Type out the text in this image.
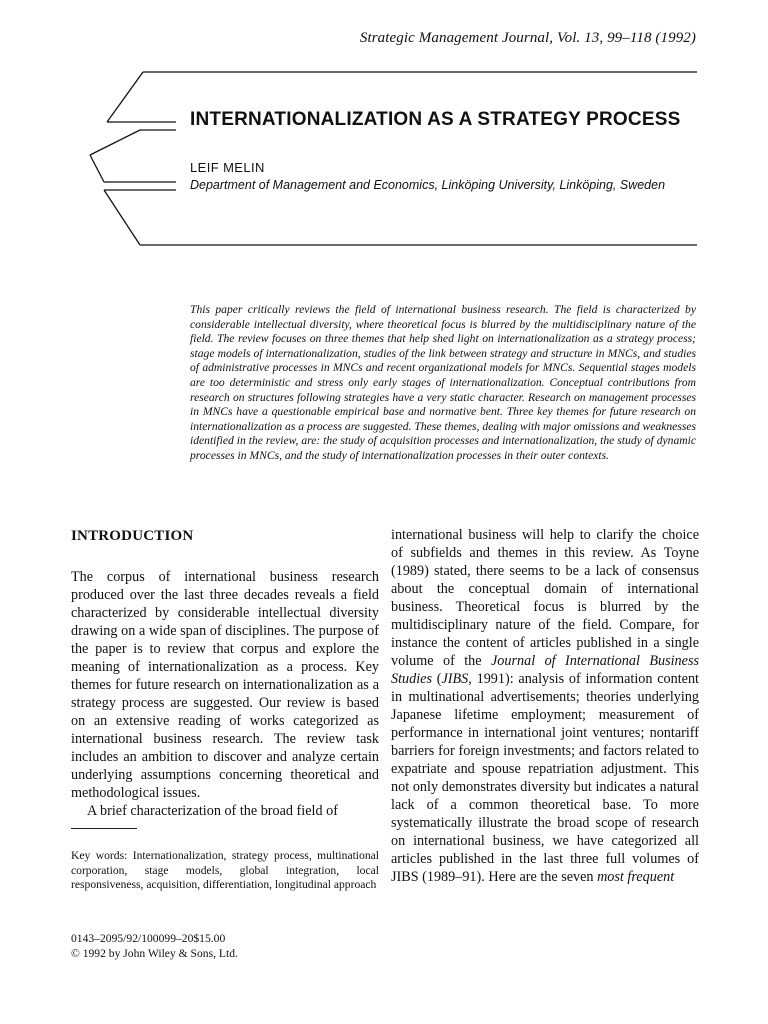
Strategic Management Journal, Vol. 13, 99–118 (1992)
INTERNATIONALIZATION AS A STRATEGY PROCESS
LEIF MELIN
Department of Management and Economics, Linköping University, Linköping, Sweden
This paper critically reviews the field of international business research. The field is characterized by considerable intellectual diversity, where theoretical focus is blurred by the multidisciplinary nature of the field. The review focuses on three themes that help shed light on internationalization as a strategy process; stage models of internationalization, studies of the link between strategy and structure in MNCs, and studies of administrative processes in MNCs and recent organizational models for MNCs. Sequential stages models are too deterministic and stress only early stages of internationalization. Conceptual contributions from research on structures following strategies have a very static character. Research on management processes in MNCs have a questionable empirical base and normative bent. Three key themes for future research on internationalization as a process are suggested. These themes, dealing with major omissions and weaknesses identified in the review, are: the study of acquisition processes and internationalization, the study of dynamic processes in MNCs, and the study of internationalization processes in their outer contexts.
INTRODUCTION

The corpus of international business research produced over the last three decades reveals a field characterized by considerable intellectual diversity drawing on a wide span of disciplines. The purpose of the paper is to review that corpus and explore the meaning of internationalization as a process. Key themes for future research on internationalization as a strategy process are suggested. Our review is based on an extensive reading of works categorized as international business research. The review task includes an ambition to discover and analyze certain underlying assumptions concerning theoretical and methodological issues.

A brief characterization of the broad field of

international business will help to clarify the choice of subfields and themes in this review. As Toyne (1989) stated, there seems to be a lack of consensus about the conceptual domain of international business. Theoretical focus is blurred by the multidisciplinary nature of the field. Compare, for instance the content of articles published in a single volume of the Journal of International Business Studies (JIBS, 1991): analysis of information content in multinational advertisements; theories underlying Japanese lifetime employment; measurement of performance in international joint ventures; nontariff barriers for foreign investments; and factors related to expatriate and spouse repatriation adjustment. This not only demonstrates diversity but indicates a natural lack of a common theoretical base. To more systematically illustrate the broad scope of research on international business, we have categorized all articles published in the last three full volumes of JIBS (1989–91). Here are the seven most frequent

Key words: Internationalization, strategy process, multinational corporation, stage models, global integration, local responsiveness, acquisition, differentiation, longitudinal approach
0143–2095/92/100099–20$15.00
© 1992 by John Wiley & Sons, Ltd.
